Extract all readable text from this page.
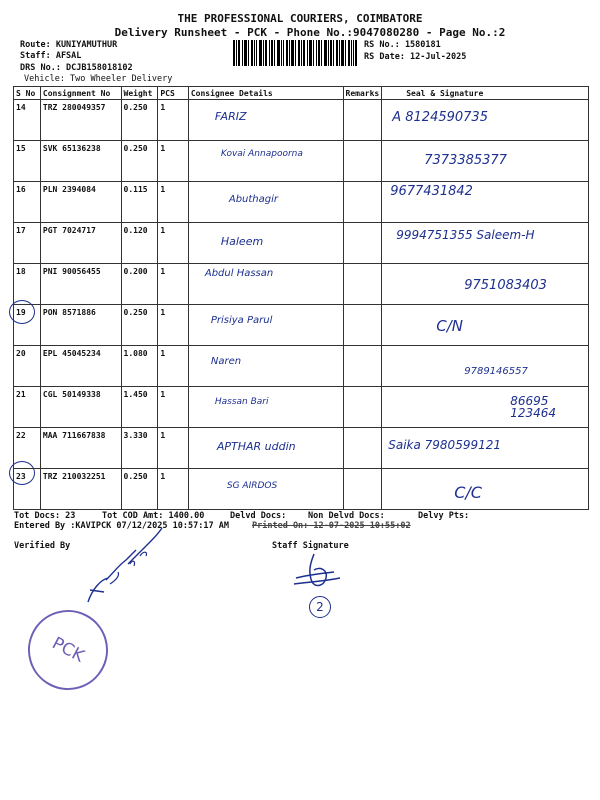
THE PROFESSIONAL COURIERS, COIMBATORE
Delivery Runsheet - PCK - Phone No.:9047080280 - Page No.:2
Route: KUNIYAMUTHUR
Staff: AFSAL
DRS No.: DCJB158018102
Vehicle: Two Wheeler Delivery
RS No.: 1580181
RS Date: 12-Jul-2025
S No	Consignment No	Weight	PCS	Consignee Details	Remarks	Seal & Signature

14	TRZ 280049357	0.250	1	FARIZ		A 8124590735

15	SVK 65136238	0.250	1	Kovai Annapoorna		7373385377

16	PLN 2394084	0.115	1	Abuthagir		9677431842

17	PGT 7024717	0.120	1	Haleem		9994751355 Saleem-H

18	PNI 90056455	0.200	1	Abdul Hassan		9751083403

19	PON 8571886	0.250	1	Prisiya Parul		C/N

20	EPL 45045234	1.080	1	Naren		9789146557

21	CGL 50149338	1.450	1	Hassan Bari		86695 123464

22	MAA 711667838	3.330	1	APTHAR uddin		Saika 7980599121

23	TRZ 210032251	0.250	1	SG AIRDOS		C/C
Tot Docs: 23	Tot COD Amt: 1400.00	Delvd Docs:	Non Delvd Docs:	Delvy Pts:
Entered By :KAVIPCK 07/12/2025 10:57:17 AM	Printed On: 12-07-2025 10:55:02
Verified By	Staff Signature
2
PCK
